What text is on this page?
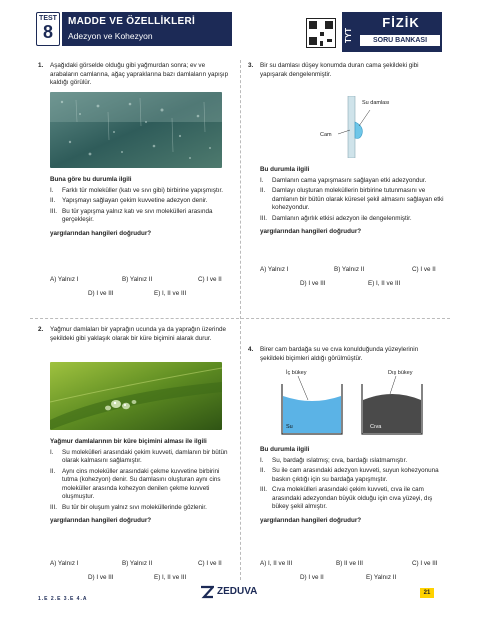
TEST
8
MADDE VE ÖZELLİKLERİ
Adezyon ve Kohezyon	TYT
FİZİK
SORU BANKASI
1. Aşağıdaki görselde olduğu gibi yağmurdan sonra; ev ve arabaların camlarına, ağaç yapraklarına bazı damlaların yapışıp kaldığı görülür.
Buna göre bu durumla ilgili
I. Farklı tür moleküller (katı ve sıvı gibi) birbirine yapışmıştır.
II. Yapışmayı sağlayan çekim kuvvetine adezyon denir.
III. Bu tür yapışma yalnız katı ve sıvı molekülleri arasında gerçekleşir.
yargılarından hangileri doğrudur?
A) Yalnız I	B) Yalnız II	C) I ve II
D) I ve III	E) I, II ve III
2. Yağmur damlaları bir yaprağın ucunda ya da yaprağın üzerinde şekildeki gibi yaklaşık olarak bir küre biçimini alarak durur.
Yağmur damlalarının bir küre biçimini alması ile ilgili
I. Su molekülleri arasındaki çekim kuvveti, damlanın bir bütün olarak kalmasını sağlamıştır.
II. Aynı cins moleküller arasındaki çekme kuvvetine birbirini tutma (kohezyon) denir. Su damlasını oluşturan aynı cins moleküller arasında kohezyon denilen çekme kuvveti oluşmuştur.
III. Bu tür bir oluşum yalnız sıvı moleküllerinde gözlenir.
yargılarından hangileri doğrudur?
A) Yalnız I	B) Yalnız II	C) I ve II
D) I ve III	E) I, II ve III
3. Bir su damlası düşey konumda duran cama şekildeki gibi yapışarak dengelenmiştir.
Su damlası
Cam
Bu durumla ilgili
I. Damlanın cama yapışmasını sağlayan etki adezyondur.
II. Damlayı oluşturan moleküllerin birbirine tutunmasını ve damlanın bir bütün olarak küresel şekil almasını sağlayan etki kohezyondur.
III. Damlanın ağırlık etkisi adezyon ile dengelenmiştir.
yargılarından hangileri doğrudur?
A) Yalnız I	B) Yalnız II	C) I ve II
D) I ve III	E) I, II ve III
4. Birer cam bardağa su ve cıva konulduğunda yüzeylerinin şekildeki biçimleri aldığı görülmüştür.
İç bükey	Dış bükey
Su	Cıva
Bu durumla ilgili
I. Su, bardağı ıslatmış; cıva, bardağı ıslatmamıştır.
II. Su ile cam arasındaki adezyon kuvveti, suyun kohezyonuna baskın çıktığı için su bardağa yapışmıştır.
III. Cıva molekülleri arasındaki çekim kuvveti, cıva ile cam arasındaki adezyondan büyük olduğu için cıva yüzeyi, dış bükey şekil almıştır.
yargılarından hangileri doğrudur?
A) I, II ve III	B) II ve III	C) I ve III
D) I ve II	E) Yalnız II
1.E 2.E 3.E 4.A
ZEDUVA	21
